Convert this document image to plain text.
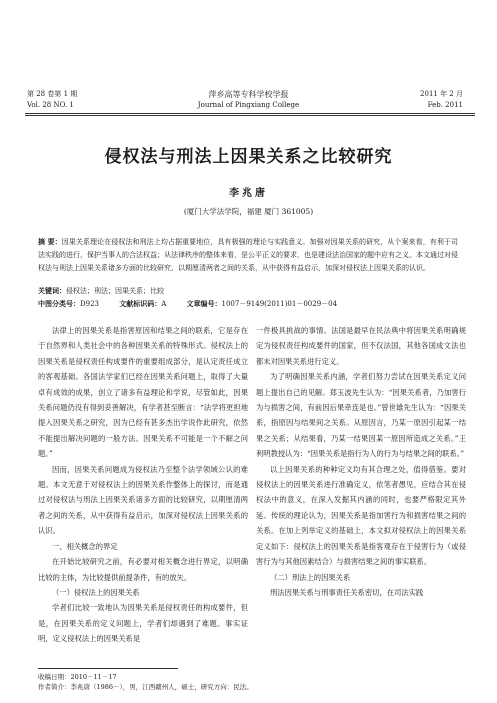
第 28 卷第 1 期
Vol. 28 NO. 1
萍乡高等专科学校学报
Journal of Pingxiang College
2011 年 2 月
Feb. 2011
侵权法与刑法上因果关系之比较研究
李兆唐
(厦门大学法学院，福建 厦门 361005)
摘 要：因果关系理论在侵权法和刑法上均占据重要地位，具有极强的理论与实践意义。加强对因果关系的研究，从个案来看，有利于司法实践的进行，保护当事人的合法权益；从法律秩序的整体来看，是公平正义的要求，也是建设法治国家的题中应有之义。本文通过对侵权法与刑法上因果关系诸多方面的比较研究，以期厘清两者之间的关系，从中获得有益启示，加深对侵权法上因果关系的认识。
关键词：侵权法；刑法；因果关系；比较
中图分类号：D923	文献标识码：A	文章编号：1007－9149(2011)01－0029－04

法律上的因果关系是指害原因和结果之间的联系，它是存在于自然界和人类社会中的各种因果关系的特殊形式。侵权法上的因果关系是侵权责任构成要件的重要组成部分，是认定责任成立的客观基础。各国法学家们已经在因果关系问题上，取得了大量卓有成效的成果，创立了诸多有益理论和学说，尽管如此，因果关系问题仍没有得到妥善解决，有学者甚至断言：“法学将更担地提入因果关系之研究，因为已经有甚多杰出学说作此研究，依然不能提出解决问题的一般方法。因果关系不可能是一个不解之问题。”

因而，因果关系问题成为侵权法乃至整个法学领域公认的难题。本文无意于对侵权法上的因果关系作整体上的探讨，而是通过对侵权法与刑法上因果关系诸多方面的比较研究，以期厘清两者之间的关系，从中获得有益启示，加深对侵权法上因果关系的认识。

一、相关概念的界定

在开始比较研究之前，有必要对相关概念进行界定，以明确比较的主体，为比较提供前提条件，有的放矢。

（一）侵权法上的因果关系

学者们比较一致地认为因果关系是侵权责任的构成要件，但是，在因果关系的定义问题上，学者们却遇到了难题。事实证明，定义侵权法上的因果关系是

一件极具挑战的事情。法国是最早在民法典中将因果关系明确规定为侵权责任构成要件的国家，但不仅法国，其他各国成文法也都未对因果关系进行定义。

为了明确因果关系内涵，学者们努力尝试在因果关系定义问题上提出自己的见解。郑玉波先生认为：“因果关系者，乃加害行为与损害之间，有前因后果牵连是也。”曾世雄先生认为：“因果关系，指原因与结果间之关系。从原因言，乃某一原因引起某一结果之关系；从结果看，乃某一结果因某一原因所造成之关系。”王利明教授认为：“因果关系是指行为人的行为与结果之间的联系。”

以上因果关系的种种定义均有其合理之处，值得借鉴。要对侵权法上的因果关系进行准确定义，依笔者愚见，应结合其在侵权法中的意义，在深入发掘其内涵的同时，也要严格限定其外延。传统的理论认为，因果关系是指加害行为和损害结果之间的关系。在加上列举定义的基础上，本文拟对侵权法上的因果关系定义如下：侵权法上的因果关系是指客观存在于侵害行为（或侵害行为与其他因素结合）与损害结果之间的事实联系。

（二）刑法上的因果关系

刑法因果关系与刑事责任关系密切，在司法实践

收稿日期：2010－11－17
作者简介：李兆唐（1986－），男，江西赣州人，硕士，研究方向：民法。
